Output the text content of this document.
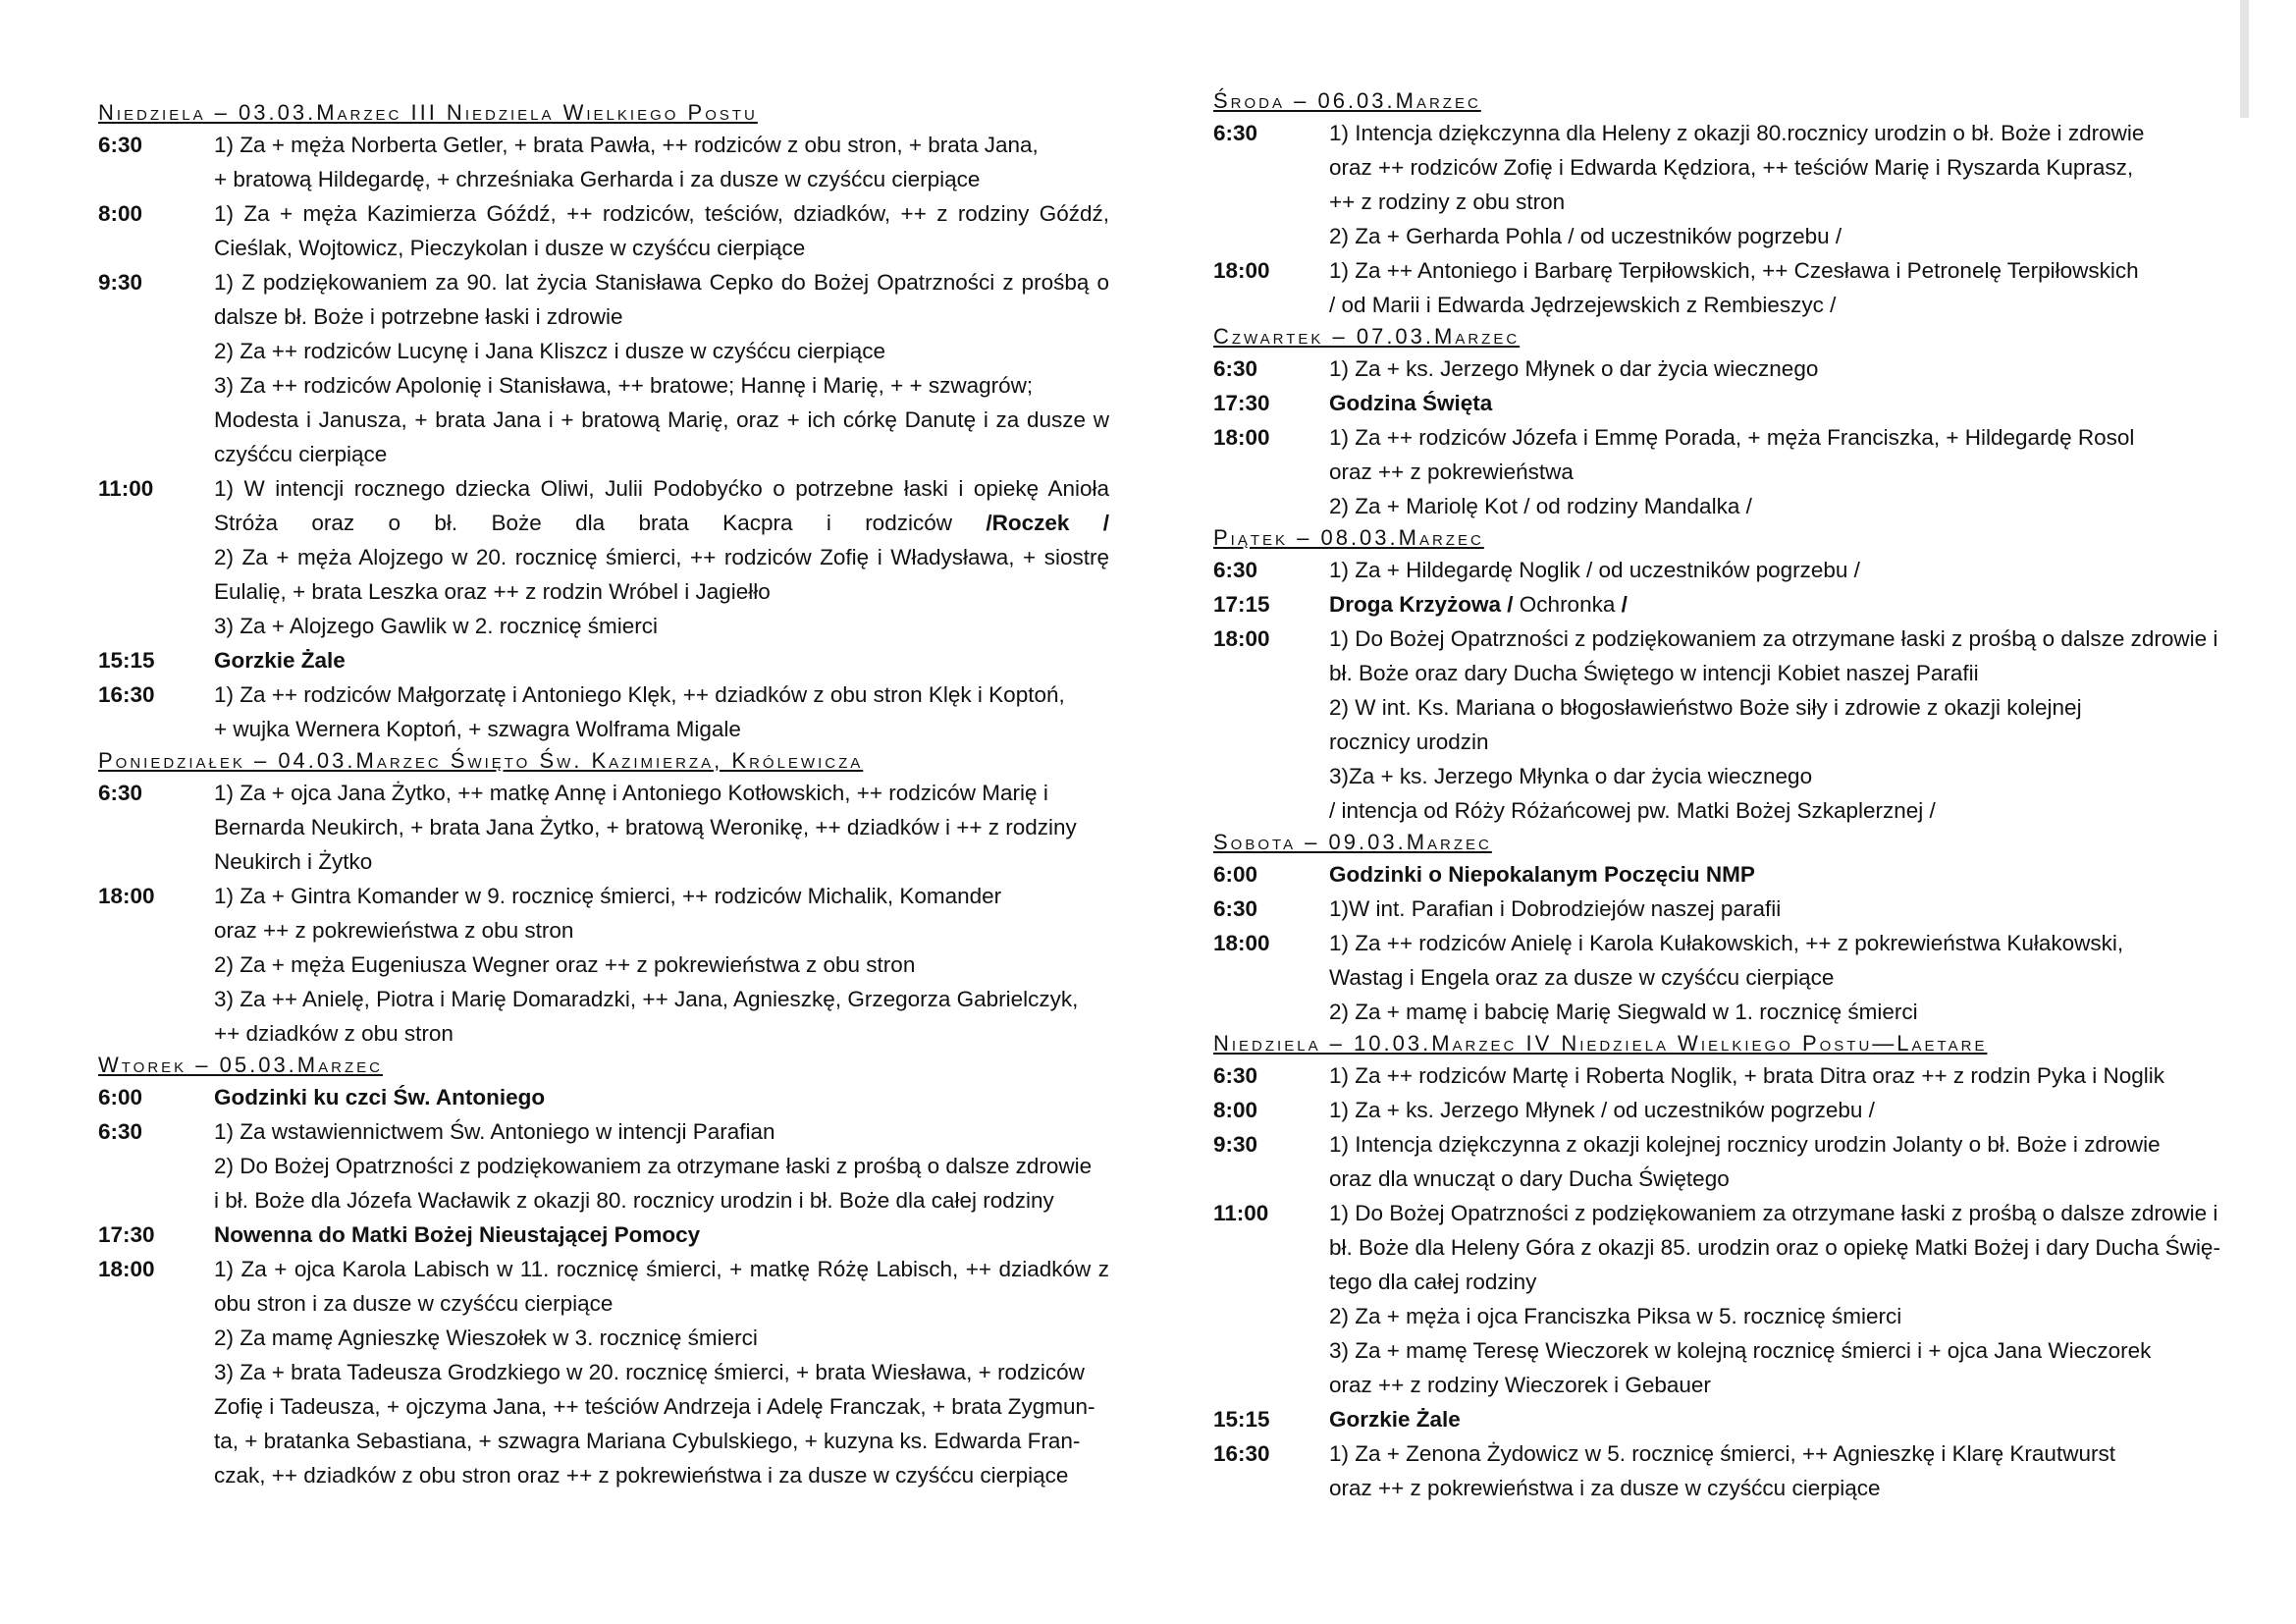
Niedziela – 03.03.Marzec III Niedziela Wielkiego Postu
6:30	1) Za + męża Norberta Getler, + brata Pawła, ++ rodziców z obu stron, + brata Jana,
+ bratową Hildegardę, + chrześniaka Gerharda i za dusze w czyśćcu cierpiące
8:00	1) Za + męża Kazimierza Góźdź, ++ rodziców, teściów, dziadków, ++ z rodziny Góźdź,
Cieślak, Wojtowicz, Pieczykolan i dusze w czyśćcu cierpiące
9:30	1) Z podziękowaniem za 90. lat życia Stanisława Cepko do Bożej Opatrzności z prośbą o
dalsze bł. Boże i potrzebne łaski i zdrowie
2) Za ++ rodziców Lucynę i Jana Kliszcz i dusze w czyśćcu cierpiące
3) Za ++ rodziców Apolonię i Stanisława, ++ bratowe; Hannę i Marię, + + szwagrów;
Modesta i Janusza, + brata Jana i + bratową Marię, oraz + ich córkę Danutę i za dusze w
czyśćcu cierpiące
11:00	1) W intencji rocznego dziecka Oliwi, Julii Podobyćko o potrzebne łaski i opiekę Anioła
Stróża oraz o bł. Boże dla brata Kacpra i rodziców /Roczek /
2) Za + męża Alojzego w 20. rocznicę śmierci, ++ rodziców Zofię i Władysława, + siostrę
Eulalię, + brata Leszka oraz ++ z rodzin Wróbel i Jagiełło
3) Za + Alojzego Gawlik w 2. rocznicę śmierci
15:15	Gorzkie Żale
16:30	1) Za ++ rodziców Małgorzatę i Antoniego Klęk, ++ dziadków z obu stron Klęk i Koptoń,
+ wujka Wernera Koptoń, + szwagra Wolframa Migale
Poniedziałek – 04.03.Marzec Święto Św. Kazimierza, Królewicza
6:30	1) Za + ojca Jana Żytko, ++ matkę Annę i Antoniego Kotłowskich, ++ rodziców Marię i
Bernarda Neukirch, + brata Jana Żytko, + bratową Weronikę, ++ dziadków i ++ z rodziny
Neukirch i Żytko
18:00	1) Za + Gintra Komander w 9. rocznicę śmierci, ++ rodziców Michalik, Komander
oraz ++ z pokrewieństwa z obu stron
2) Za + męża Eugeniusza Wegner oraz ++ z pokrewieństwa z obu stron
3) Za ++ Anielę, Piotra i Marię Domaradzki, ++ Jana, Agnieszkę, Grzegorza Gabrielczyk,
++ dziadków z obu stron
Wtorek – 05.03.Marzec
6:00	Godzinki ku czci Św. Antoniego
6:30	1) Za wstawiennictwem Św. Antoniego w intencji Parafian
2) Do Bożej Opatrzności z podziękowaniem za otrzymane łaski z prośbą o dalsze zdrowie
i bł. Boże dla Józefa Wacławik z okazji 80. rocznicy urodzin i bł. Boże dla całej rodziny
17:30	Nowenna do Matki Bożej Nieustającej Pomocy
18:00	1) Za + ojca Karola Labisch w 11. rocznicę śmierci, + matkę Różę Labisch, ++ dziadków z
obu stron i za dusze w czyśćcu cierpiące
2) Za mamę Agnieszkę Wieszołek w 3. rocznicę śmierci
3) Za + brata Tadeusza Grodzkiego w 20. rocznicę śmierci, + brata Wiesława, + rodziców
Zofię i Tadeusza, + ojczyma Jana, ++ teściów Andrzeja i Adelę Franczak, + brata Zygmun-
ta, + bratanka Sebastiana, + szwagra Mariana Cybulskiego, + kuzyna ks. Edwarda Fran-
czak, ++ dziadków z obu stron oraz ++ z pokrewieństwa i za dusze w czyśćcu cierpiące
Środa – 06.03.Marzec
6:30	1) Intencja dziękczynna dla Heleny z okazji 80.rocznicy urodzin o bł. Boże i zdrowie
oraz ++ rodziców Zofię i Edwarda Kędziora, ++ teściów Marię i Ryszarda Kuprasz,
++ z rodziny z obu stron
2) Za + Gerharda Pohla / od uczestników pogrzebu /
18:00	1) Za ++ Antoniego i Barbarę Terpiłowskich, ++ Czesława i Petronelę Terpiłowskich
/ od Marii i Edwarda Jędrzejewskich z Rembieszyc /
Czwartek – 07.03.Marzec
6:30	1) Za + ks. Jerzego Młynek o dar życia wiecznego
17:30	Godzina Święta
18:00	1) Za ++ rodziców Józefa i Emmę Porada, + męża Franciszka, + Hildegardę Rosol
oraz ++ z pokrewieństwa
2) Za + Mariolę Kot / od rodziny Mandalka /
Piątek – 08.03.Marzec
6:30	1) Za + Hildegardę Noglik / od uczestników pogrzebu /
17:15	Droga Krzyżowa / Ochronka /
18:00	1) Do Bożej Opatrzności z podziękowaniem za otrzymane łaski z prośbą o dalsze zdrowie i
bł. Boże oraz dary Ducha Świętego w intencji Kobiet naszej Parafii
2) W int. Ks. Mariana o błogosławieństwo Boże siły i zdrowie z okazji kolejnej
rocznicy urodzin
3)Za + ks. Jerzego Młynka o dar życia wiecznego
/ intencja od Róży Różańcowej pw. Matki Bożej Szkaplerznej /
Sobota – 09.03.Marzec
6:00	Godzinki o Niepokalanym Poczęciu NMP
6:30	1)W int. Parafian i Dobrodziejów naszej parafii
18:00	1) Za ++ rodziców Anielę i Karola Kułakowskich, ++ z pokrewieństwa Kułakowski,
Wastag i Engela oraz za dusze w czyśćcu cierpiące
2) Za + mamę i babcię Marię Siegwald w 1. rocznicę śmierci
Niedziela – 10.03.Marzec IV Niedziela Wielkiego Postu—Laetare
6:30	1) Za ++ rodziców Martę i Roberta Noglik, + brata Ditra oraz ++ z rodzin Pyka i Noglik
8:00	1) Za + ks. Jerzego Młynek / od uczestników pogrzebu /
9:30	1) Intencja dziękczynna z okazji kolejnej rocznicy urodzin Jolanty o bł. Boże i zdrowie
oraz dla wnucząt o dary Ducha Świętego
11:00	1) Do Bożej Opatrzności z podziękowaniem za otrzymane łaski z prośbą o dalsze zdrowie i
bł. Boże dla Heleny Góra z okazji 85. urodzin oraz o opiekę Matki Bożej i dary Ducha Świę-
tego dla całej rodziny
2) Za + męża i ojca Franciszka Piksa w 5. rocznicę śmierci
3) Za + mamę Teresę Wieczorek w kolejną rocznicę śmierci i + ojca Jana Wieczorek
oraz ++ z rodziny Wieczorek i Gebauer
15:15	Gorzkie Żale
16:30	1) Za + Zenona Żydowicz w 5. rocznicę śmierci, ++ Agnieszkę i Klarę Krautwurst
oraz ++ z pokrewieństwa i za dusze w czyśćcu cierpiące
